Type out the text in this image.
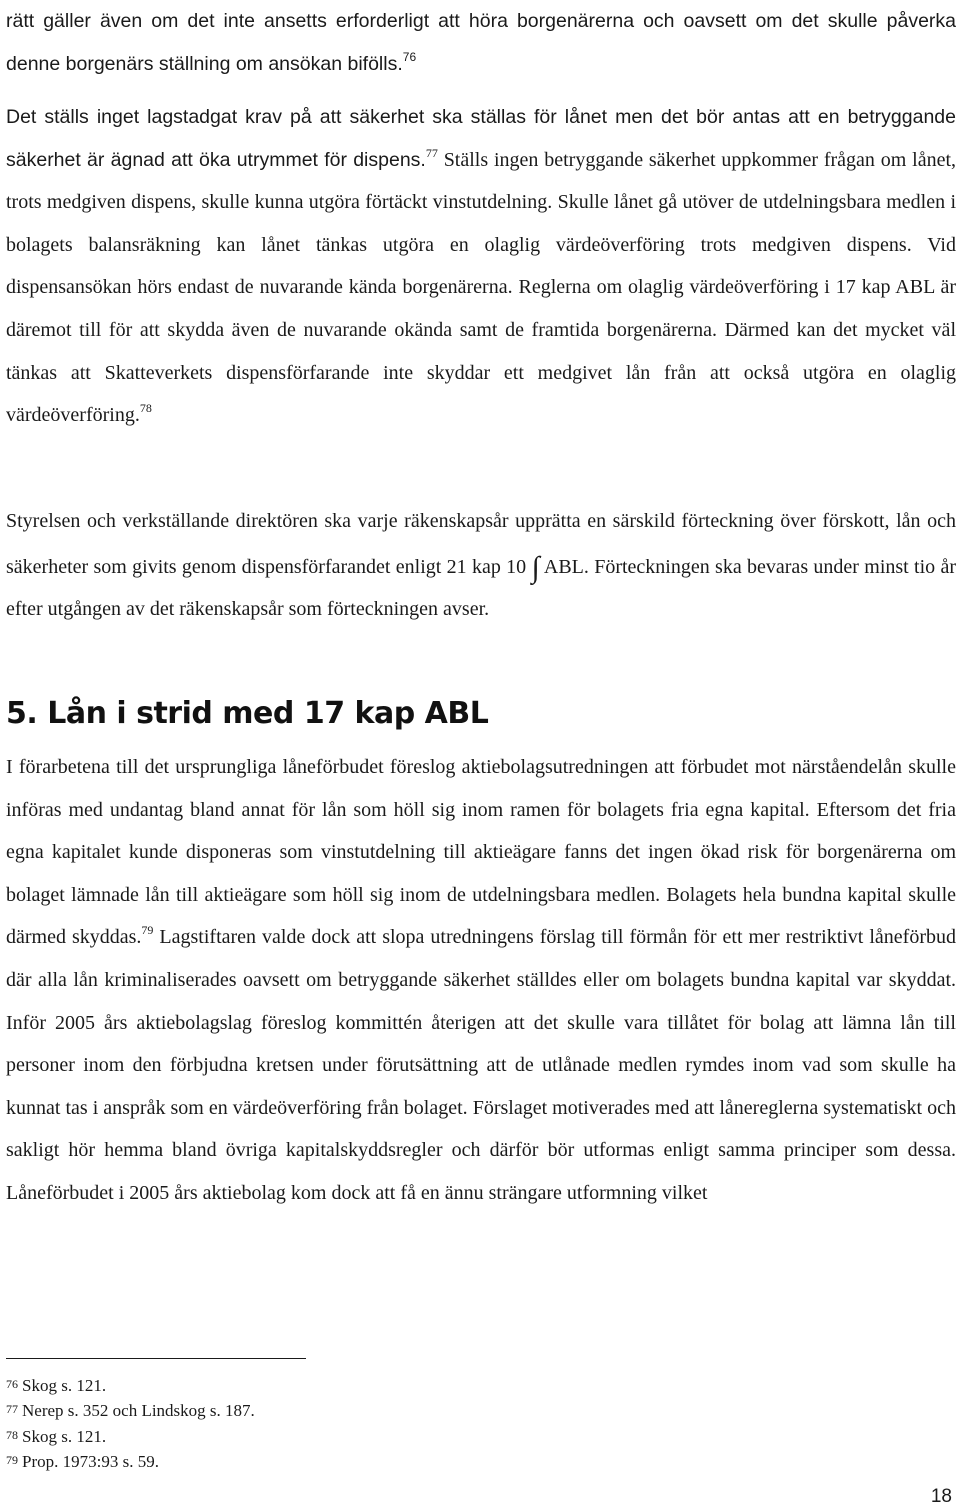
rätt gäller även om det inte ansetts erforderligt att höra borgenärerna och oavsett om det skulle påverka denne borgenärs ställning om ansökan bifölls.$^{76}$

Det ställs inget lagstadgat krav på att säkerhet ska ställas för lånet men det bör antas att en betryggande säkerhet är ägnad att öka utrymmet för dispens.$^{77}$ Ställs ingen betryggande säkerhet uppkommer frågan om lånet, trots medgiven dispens, skulle kunna utgöra förtäckt vinstutdelning. Skulle lånet gå utöver de utdelningsbara medlen i bolagets balansräkning kan lånet tänkas utgöra en olaglig värdeöverföring trots medgiven dispens. Vid dispensansökan hörs endast de nuvarande kända borgenärerna. Reglerna om olaglig värdeöverföring i 17 kap ABL är däremot till för att skydda även de nuvarande okända samt de framtida borgenärerna. Därmed kan det mycket väl tänkas att Skatteverkets dispensförfarande inte skyddar ett medgivet lån från att också utgöra en olaglig värdeöverföring.$^{78}$

Styrelsen och verkställande direktören ska varje räkenskapsår upprätta en särskild förteckning över förskott, lån och säkerheter som givits genom dispensförfarandet enligt 21 kap 10 ∫ ABL. Förteckningen ska bevaras under minst tio år efter utgången av det räkenskapsår som förteckningen avser.

5. Lån i strid med 17 kap ABL

I förarbetena till det ursprungliga låneförbudet föreslog aktiebolagsutredningen att förbudet mot närståendelån skulle införas med undantag bland annat för lån som höll sig inom ramen för bolagets fria egna kapital. Eftersom det fria egna kapitalet kunde disponeras som vinstutdelning till aktieägare fanns det ingen ökad risk för borgenärerna om bolaget lämnade lån till aktieägare som höll sig inom de utdelningsbara medlen. Bolagets hela bundna kapital skulle därmed skyddas.$^{79}$ Lagstiftaren valde dock att slopa utredningens förslag till förmån för ett mer restriktivt låneförbud där alla lån kriminaliserades oavsett om betryggande säkerhet ställdes eller om bolagets bundna kapital var skyddat. Inför 2005 års aktiebolagslag föreslog kommittén återigen att det skulle vara tillåtet för bolag att lämna lån till personer inom den förbjudna kretsen under förutsättning att de utlånade medlen rymdes inom vad som skulle ha kunnat tas i anspråk som en värdeöverföring från bolaget. Förslaget motiverades med att lånereglerna systematiskt och sakligt hör hemma bland övriga kapitalskyddsregler och därför bör utformas enligt samma principer som dessa. Låneförbudet i 2005 års aktiebolag kom dock att få en ännu strängare utformning vilket

76 Skog s. 121.
77 Nerep s. 352 och Lindskog s. 187.
78 Skog s. 121.
79 Prop. 1973:93 s. 59.
18
